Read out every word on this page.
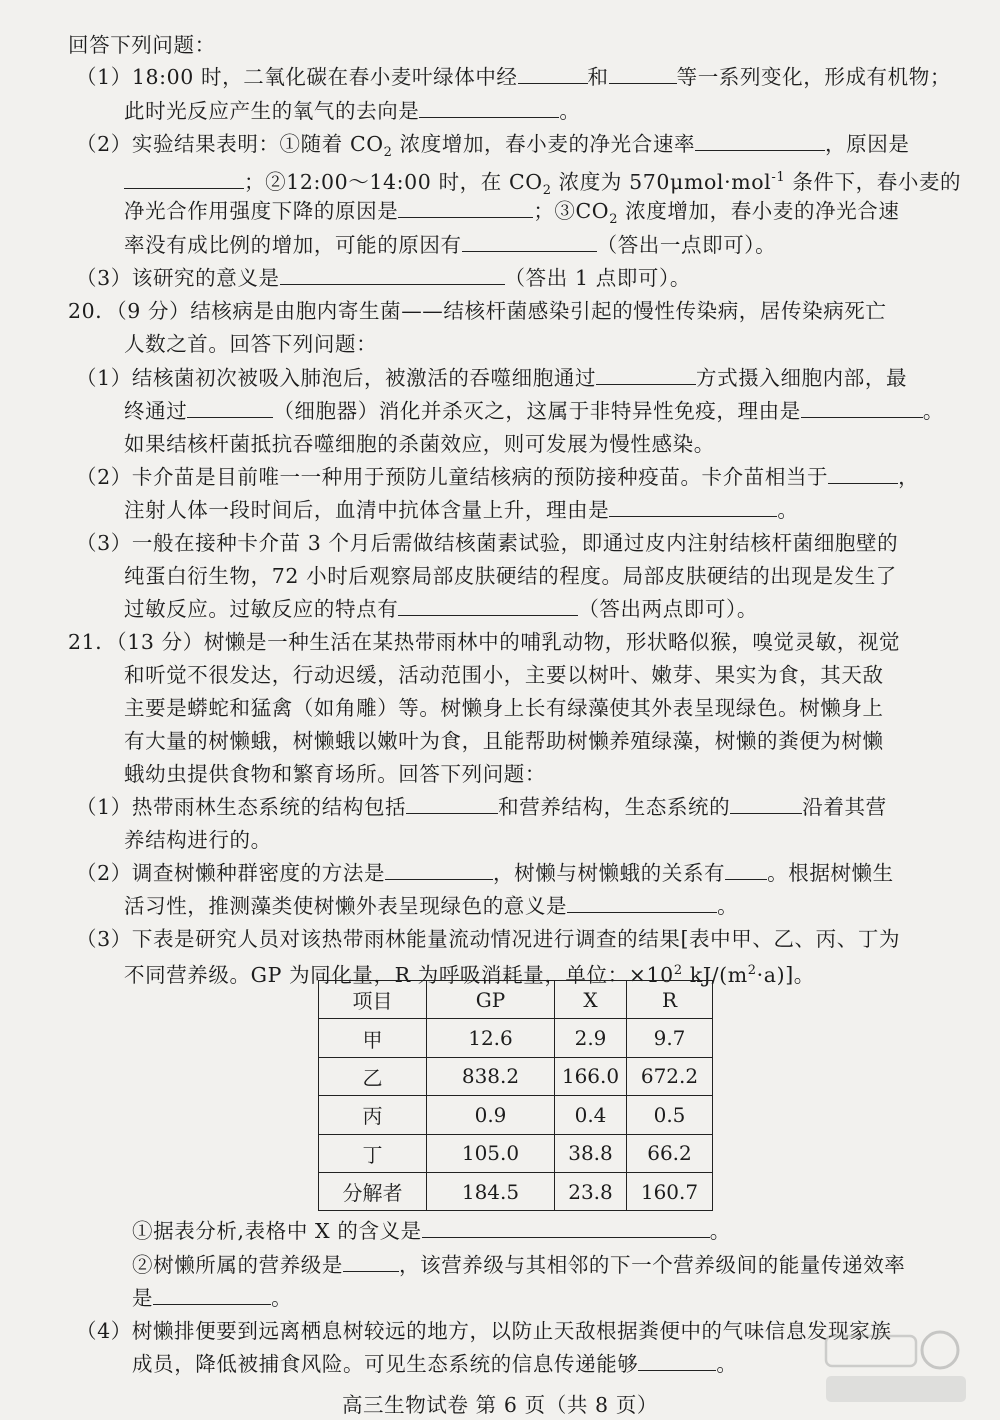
回答下列问题：
（1）18:00 时，二氧化碳在春小麦叶绿体中经	和	等一系列变化，形成有机物；
此时光反应产生的氧气的去向是	。
（2）实验结果表明：①随着 $CO_2$ 浓度增加，春小麦的净光合速率	，原因是
；②12:00～14:00 时，在 $CO_2$ 浓度为 570μmol·mol$^{-1}$ 条件下，春小麦的
净光合作用强度下降的原因是	；$③CO_2$ 浓度增加，春小麦的净光合速
率没有成比例的增加，可能的原因有	（答出一点即可）。
（3）该研究的意义是	（答出 1 点即可）。
20．（9 分）结核病是由胞内寄生菌——结核杆菌感染引起的慢性传染病，居传染病死亡
人数之首。回答下列问题：
（1）结核菌初次被吸入肺泡后，被激活的吞噬细胞通过	方式摄入细胞内部，最
终通过	（细胞器）消化并杀灭之，这属于非特异性免疫，理由是	。
如果结核杆菌抵抗吞噬细胞的杀菌效应，则可发展为慢性感染。
（2）卡介苗是目前唯一一种用于预防儿童结核病的预防接种疫苗。卡介苗相当于	，
注射人体一段时间后，血清中抗体含量上升，理由是	。
（3）一般在接种卡介苗 3 个月后需做结核菌素试验，即通过皮内注射结核杆菌细胞壁的
纯蛋白衍生物，72 小时后观察局部皮肤硬结的程度。局部皮肤硬结的出现是发生了
过敏反应。过敏反应的特点有	（答出两点即可）。
21．（13 分）树懒是一种生活在某热带雨林中的哺乳动物，形状略似猴，嗅觉灵敏，视觉
和听觉不很发达，行动迟缓，活动范围小，主要以树叶、嫩芽、果实为食，其天敌
主要是蟒蛇和猛禽（如角雕）等。树懒身上长有绿藻使其外表呈现绿色。树懒身上
有大量的树懒蛾，树懒蛾以嫩叶为食，且能帮助树懒养殖绿藻，树懒的粪便为树懒
蛾幼虫提供食物和繁育场所。回答下列问题：
（1）热带雨林生态系统的结构包括	和营养结构，生态系统的	沿着其营
养结构进行的。
（2）调查树懒种群密度的方法是	，树懒与树懒蛾的关系有 。根据树懒生
活习性，推测藻类使树懒外表呈现绿色的意义是	。
（3）下表是研究人员对该热带雨林能量流动情况进行调查的结果[表中甲、乙、丙、丁为
不同营养级。GP 为同化量，R 为呼吸消耗量，单位：$\times 10^2$ $kJ/(m^2\cdot a)$]。
项目	GP	X	R
甲	12.6	2.9	9.7
乙	838.2	166.0	672.2
丙	0.9	0.4	0.5
丁	105.0	38.8	66.2
分解者	184.5	23.8	160.7
①据表分析,表格中 X 的含义是	。
②树懒所属的营养级是	，该营养级与其相邻的下一个营养级间的能量传递效率
是	。
（4）树懒排便要到远离栖息树较远的地方，以防止天敌根据粪便中的气味信息发现家族
成员，降低被捕食风险。可见生态系统的信息传递能够	。
高三生物试卷 第 6 页（共 8 页）
